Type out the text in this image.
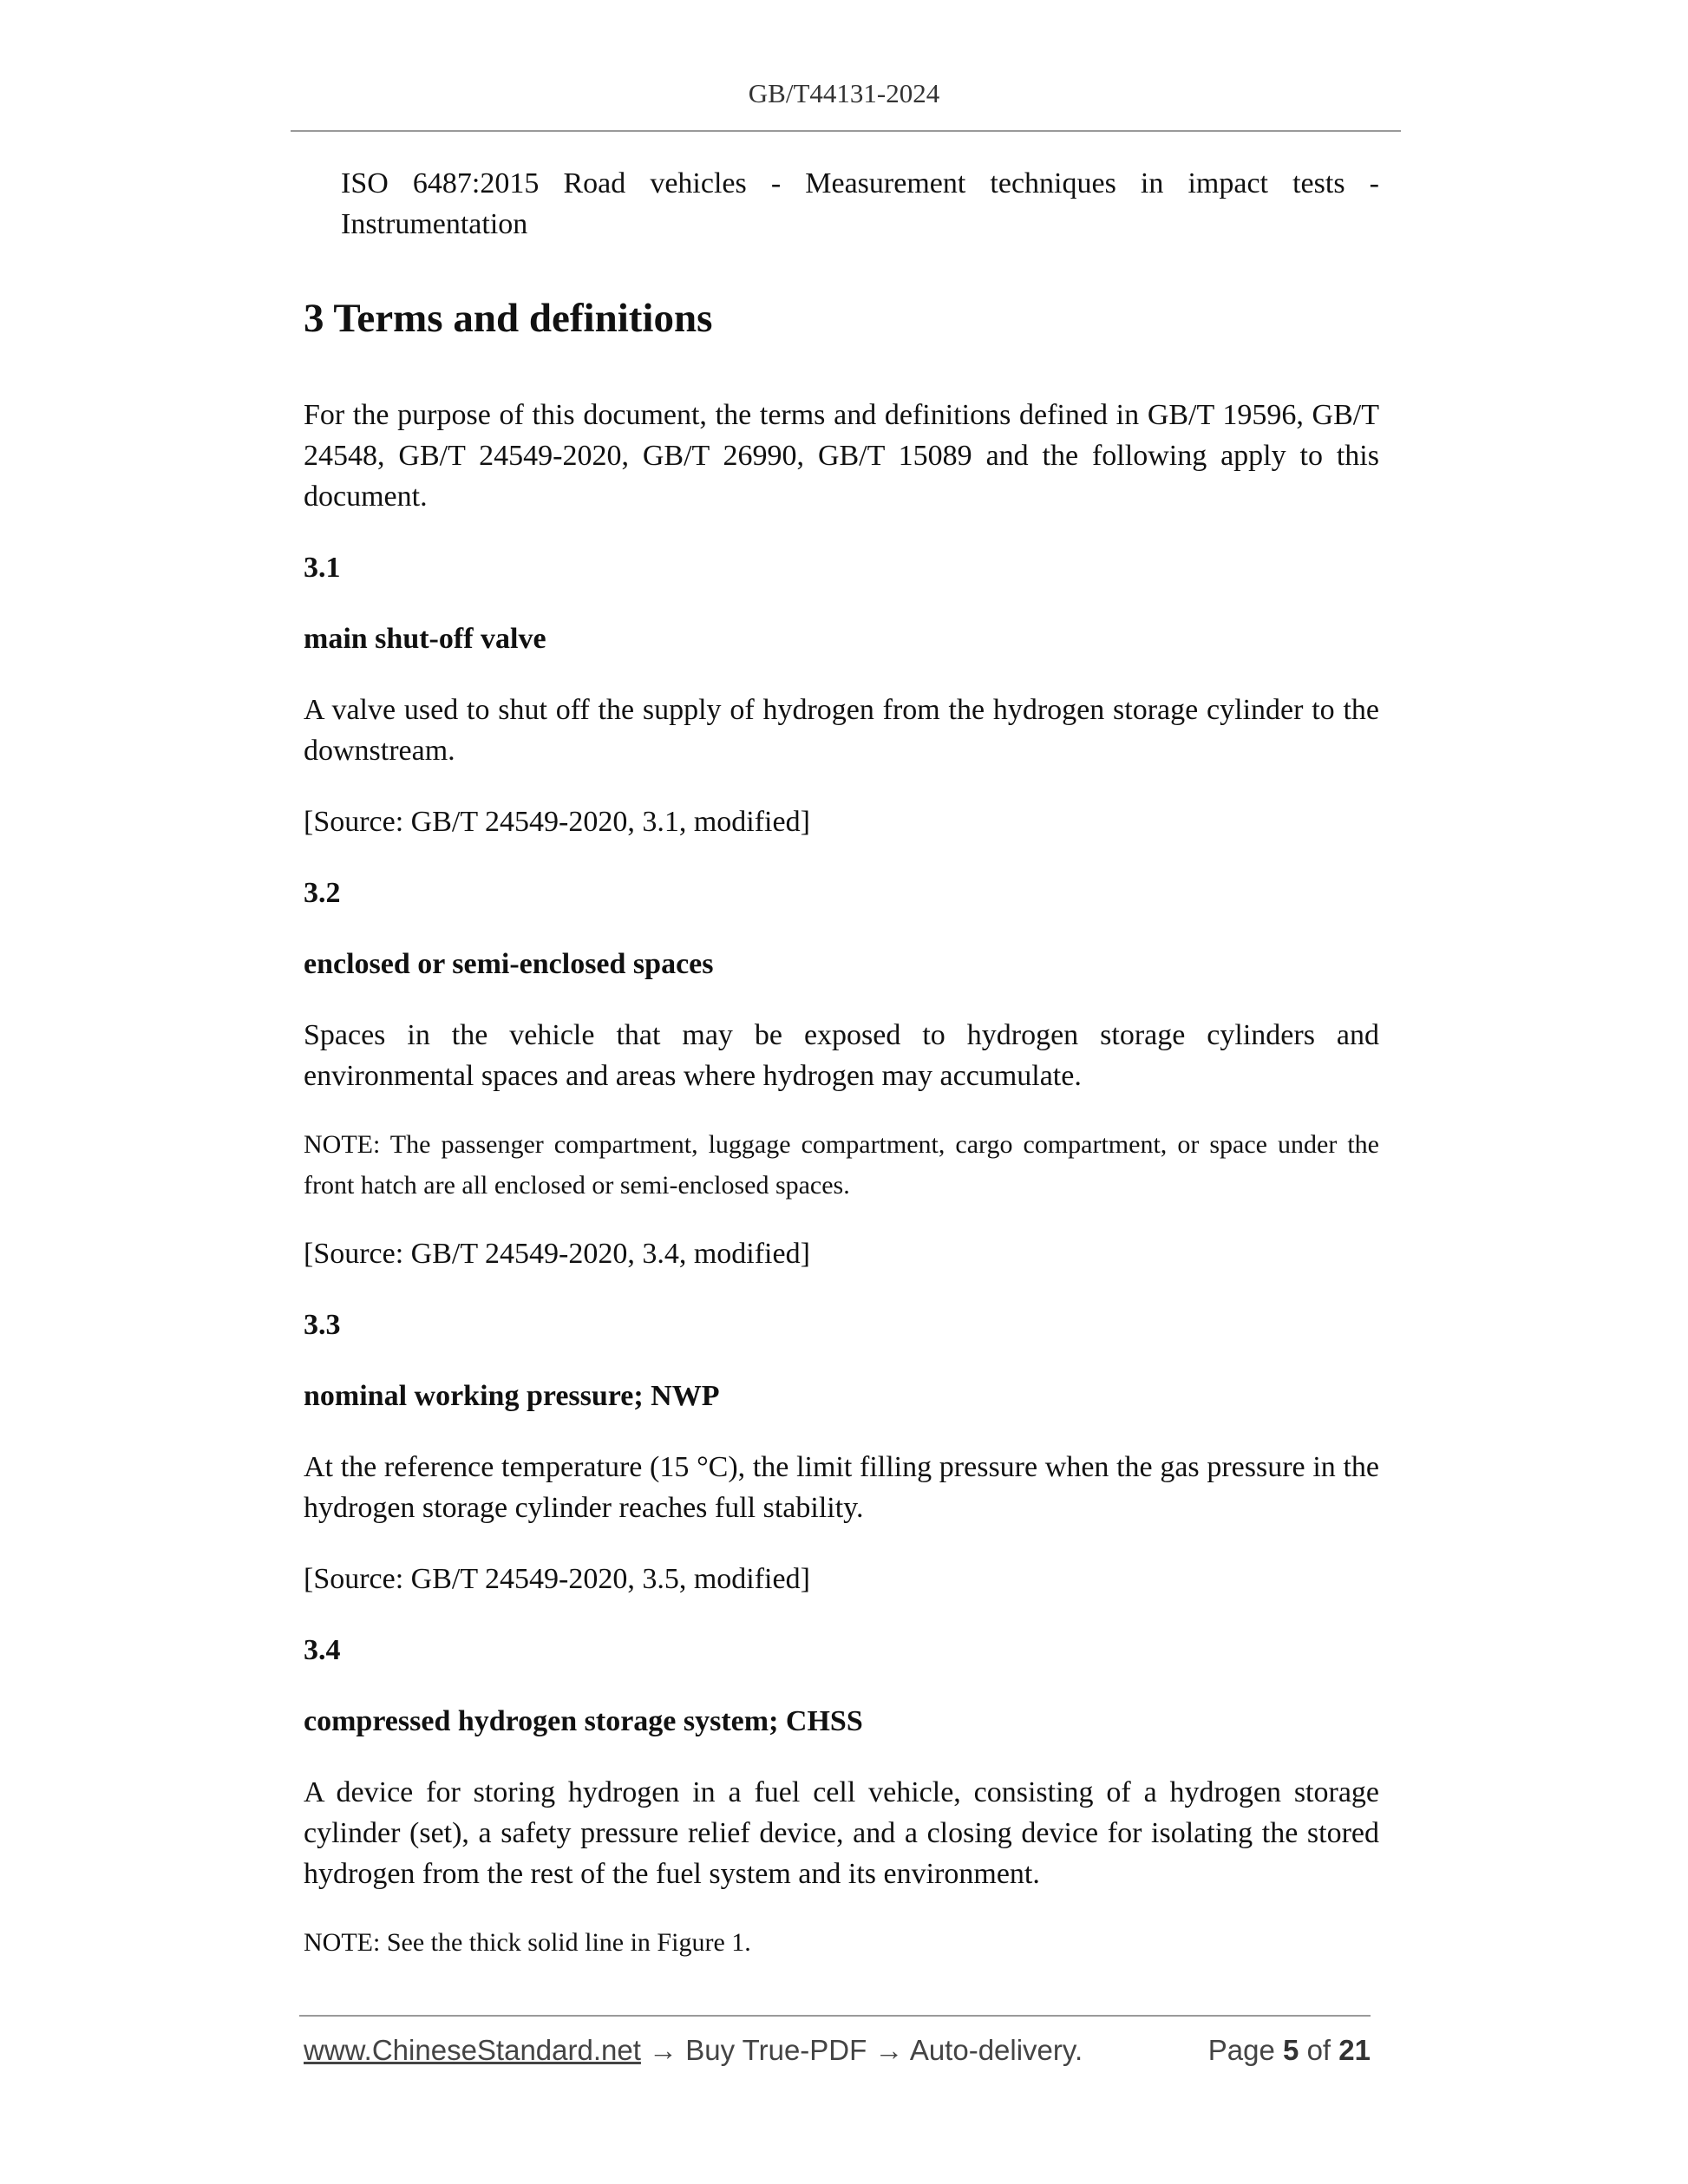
GB/T44131-2024

ISO 6487:2015 Road vehicles - Measurement techniques in impact tests - Instrumentation

3 Terms and definitions

For the purpose of this document, the terms and definitions defined in GB/T 19596, GB/T 24548, GB/T 24549-2020, GB/T 26990, GB/T 15089 and the following apply to this document.

3.1
main shut-off valve

A valve used to shut off the supply of hydrogen from the hydrogen storage cylinder to the downstream.

[Source: GB/T 24549-2020, 3.1, modified]

3.2
enclosed or semi-enclosed spaces

Spaces in the vehicle that may be exposed to hydrogen storage cylinders and environmental spaces and areas where hydrogen may accumulate.

NOTE: The passenger compartment, luggage compartment, cargo compartment, or space under the front hatch are all enclosed or semi-enclosed spaces.

[Source: GB/T 24549-2020, 3.4, modified]

3.3
nominal working pressure; NWP

At the reference temperature (15 °C), the limit filling pressure when the gas pressure in the hydrogen storage cylinder reaches full stability.

[Source: GB/T 24549-2020, 3.5, modified]

3.4
compressed hydrogen storage system; CHSS

A device for storing hydrogen in a fuel cell vehicle, consisting of a hydrogen storage cylinder (set), a safety pressure relief device, and a closing device for isolating the stored hydrogen from the rest of the fuel system and its environment.

NOTE: See the thick solid line in Figure 1.

www.ChineseStandard.net → Buy True-PDF → Auto-delivery.	Page 5 of 21
